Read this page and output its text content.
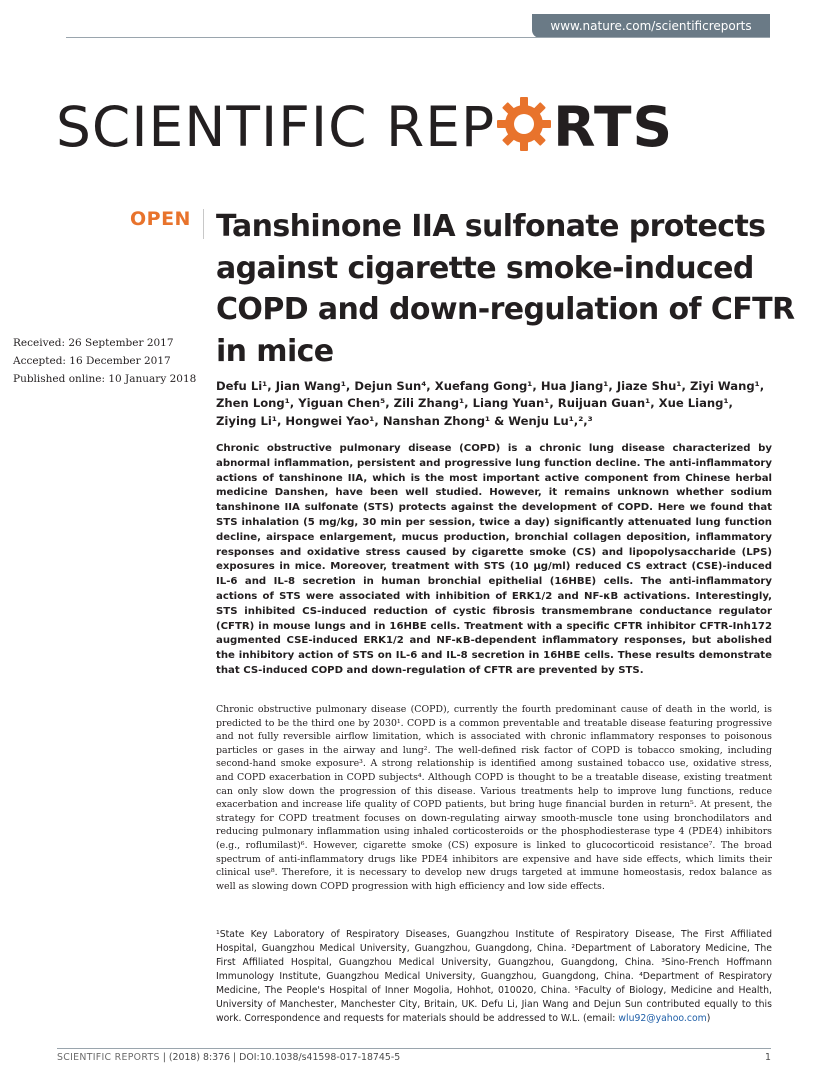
www.nature.com/scientificreports
SCIENTIFIC REP RTS
OPEN Tanshinone IIA sulfonate protects against cigarette smoke-induced COPD and down-regulation of CFTR in mice
Received: 26 September 2017
Accepted: 16 December 2017
Published online: 10 January 2018	Defu Li¹, Jian Wang¹, Dejun Sun⁴, Xuefang Gong¹, Hua Jiang¹, Jiaze Shu¹, Ziyi Wang¹, Zhen Long¹, Yiguan Chen⁵, Zili Zhang¹, Liang Yuan¹, Ruijuan Guan¹, Xue Liang¹, Ziying Li¹, Hongwei Yao¹, Nanshan Zhong¹ & Wenju Lu¹,²,³
Chronic obstructive pulmonary disease (COPD) is a chronic lung disease characterized by abnormal inflammation, persistent and progressive lung function decline. The anti-inflammatory actions of tanshinone IIA, which is the most important active component from Chinese herbal medicine Danshen, have been well studied. However, it remains unknown whether sodium tanshinone IIA sulfonate (STS) protects against the development of COPD. Here we found that STS inhalation (5 mg/kg, 30 min per session, twice a day) significantly attenuated lung function decline, airspace enlargement, mucus production, bronchial collagen deposition, inflammatory responses and oxidative stress caused by cigarette smoke (CS) and lipopolysaccharide (LPS) exposures in mice. Moreover, treatment with STS (10 µg/ml) reduced CS extract (CSE)-induced IL-6 and IL-8 secretion in human bronchial epithelial (16HBE) cells. The anti-inflammatory actions of STS were associated with inhibition of ERK1/2 and NF-κB activations. Interestingly, STS inhibited CS-induced reduction of cystic fibrosis transmembrane conductance regulator (CFTR) in mouse lungs and in 16HBE cells. Treatment with a specific CFTR inhibitor CFTR-Inh172 augmented CSE-induced ERK1/2 and NF-κB-dependent inflammatory responses, but abolished the inhibitory action of STS on IL-6 and IL-8 secretion in 16HBE cells. These results demonstrate that CS-induced COPD and down-regulation of CFTR are prevented by STS.
Chronic obstructive pulmonary disease (COPD), currently the fourth predominant cause of death in the world, is predicted to be the third one by 2030¹. COPD is a common preventable and treatable disease featuring progressive and not fully reversible airflow limitation, which is associated with chronic inflammatory responses to poisonous particles or gases in the airway and lung². The well-defined risk factor of COPD is tobacco smoking, including second-hand smoke exposure³. A strong relationship is identified among sustained tobacco use, oxidative stress, and COPD exacerbation in COPD subjects⁴. Although COPD is thought to be a treatable disease, existing treatment can only slow down the progression of this disease. Various treatments help to improve lung functions, reduce exacerbation and increase life quality of COPD patients, but bring huge financial burden in return⁵. At present, the strategy for COPD treatment focuses on down-regulating airway smooth-muscle tone using bronchodilators and reducing pulmonary inflammation using inhaled corticosteroids or the phosphodiesterase type 4 (PDE4) inhibitors (e.g., roflumilast)⁶. However, cigarette smoke (CS) exposure is linked to glucocorticoid resistance⁷. The broad spectrum of anti-inflammatory drugs like PDE4 inhibitors are expensive and have side effects, which limits their clinical use⁸. Therefore, it is necessary to develop new drugs targeted at immune homeostasis, redox balance as well as slowing down COPD progression with high efficiency and low side effects.
¹State Key Laboratory of Respiratory Diseases, Guangzhou Institute of Respiratory Disease, The First Affiliated Hospital, Guangzhou Medical University, Guangzhou, Guangdong, China. ²Department of Laboratory Medicine, The First Affiliated Hospital, Guangzhou Medical University, Guangzhou, Guangdong, China. ³Sino-French Hoffmann Immunology Institute, Guangzhou Medical University, Guangzhou, Guangdong, China. ⁴Department of Respiratory Medicine, The People's Hospital of Inner Mogolia, Hohhot, 010020, China. ⁵Faculty of Biology, Medicine and Health, University of Manchester, Manchester City, Britain, UK. Defu Li, Jian Wang and Dejun Sun contributed equally to this work. Correspondence and requests for materials should be addressed to W.L. (email: wlu92@yahoo.com)
SCIENTIFIC REPORTS | (2018) 8:376 | DOI:10.1038/s41598-017-18745-5	1
